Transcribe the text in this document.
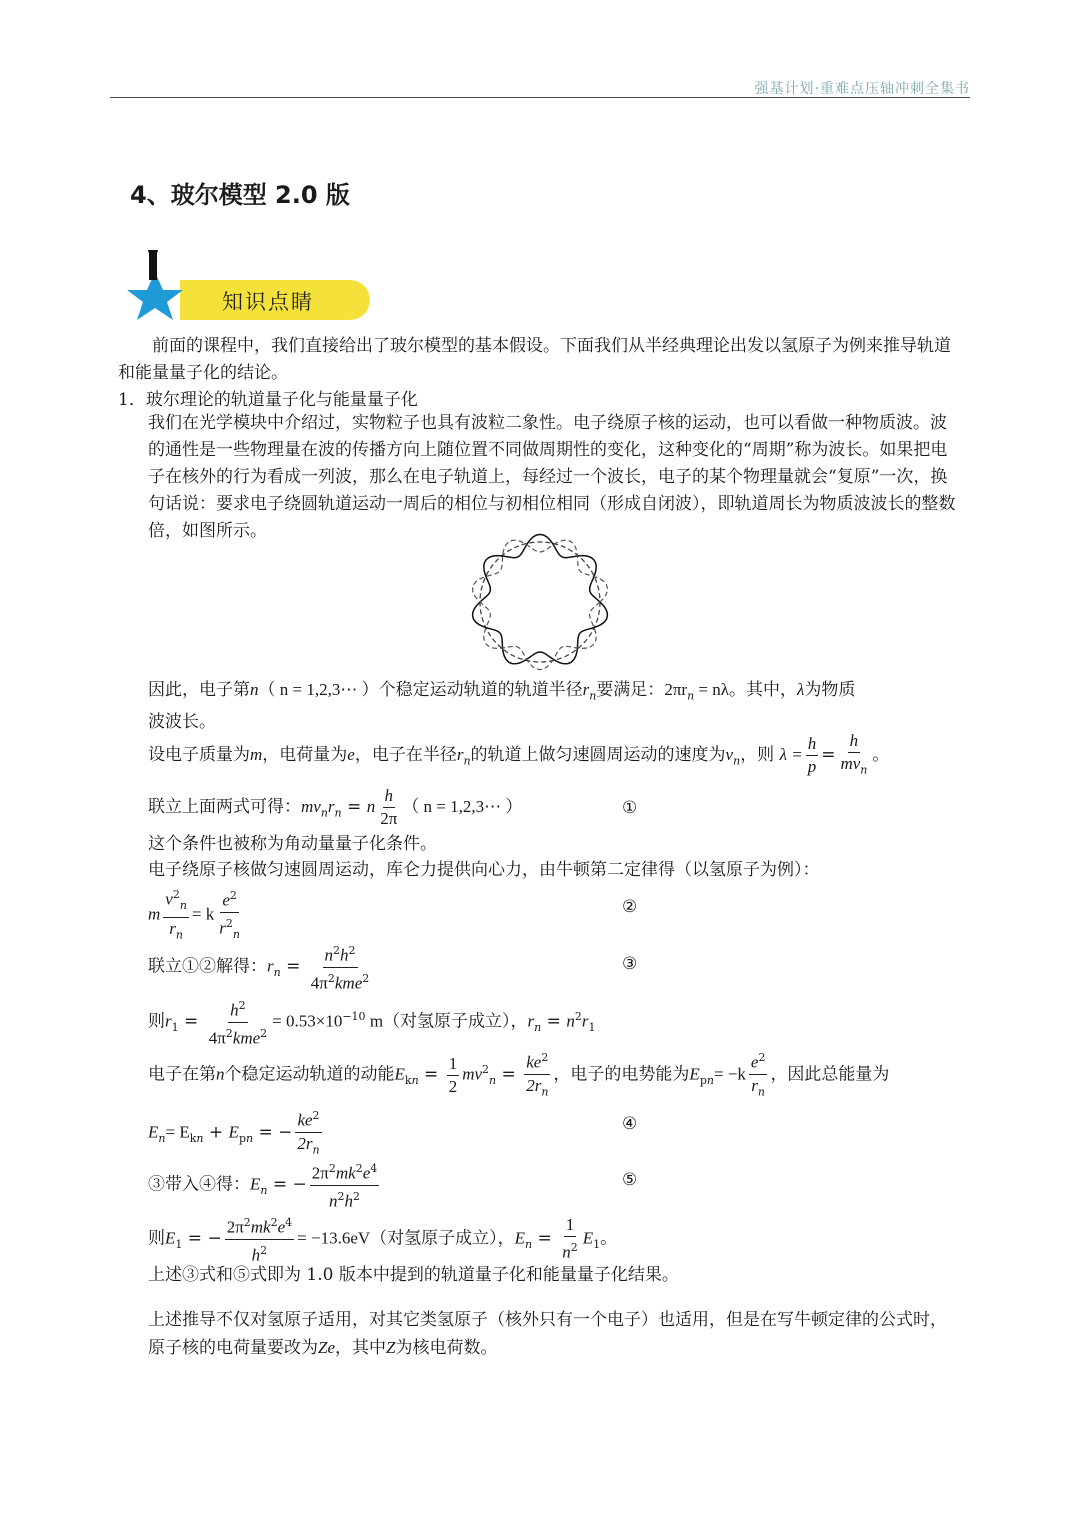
强基计划·重难点压轴冲刺全集书
4、玻尔模型 2.0 版
知识点睛
前面的课程中，我们直接给出了玻尔模型的基本假设。下面我们从半经典理论出发以氢原子为例来推导轨道和能量量子化的结论。
1．玻尔理论的轨道量子化与能量量子化
我们在光学模块中介绍过，实物粒子也具有波粒二象性。电子绕原子核的运动，也可以看做一种物质波。波的通性是一些物理量在波的传播方向上随位置不同做周期性的变化，这种变化的“周期”称为波长。如果把电子在核外的行为看成一列波，那么在电子轨道上，每经过一个波长，电子的某个物理量就会“复原”一次，换句话说：要求电子绕圆轨道运动一周后的相位与初相位相同（形成自闭波），即轨道周长为物质波波长的整数倍，如图所示。
因此，电子第n（ n = 1,2,3⋯ ）个稳定运动轨道的轨道半径$r_n$要满足：$2\pi r_n = n\lambda$。其中，λ为物质
波波长。
设电子质量为m，电荷量为e，电子在半径$r_n$的轨道上做匀速圆周运动的速度为$v_n$，则 $\lambda = \frac{h}{p} = \frac{h}{mv_n}$ 。
联立上面两式可得：$mv_nr_n = n \frac{h}{2\pi}$ （ n = 1,2,3⋯ ）	①
这个条件也被称为角动量量子化条件。
电子绕原子核做匀速圆周运动，库仑力提供向心力，由牛顿第二定律得（以氢原子为例）：
m $\frac{v^2_n}{r_n} = k \frac{e^2}{r^2_n}$	②
联立①②解得：$r_n = \frac{n^2h^2}{4\pi^2kme^2}$	③
则$r_1 = \frac{h^2}{4\pi^2kme^2} = 0.53\times 10^{-10}$ m（对氢原子成立），$r_n = n^2r_1$
电子在第n个稳定运动轨道的动能$E_{kn} = \frac{1}{2} mv^2_n = \frac{ke^2}{2r_n}$ ，电子的电势能为$E_{pn}= -k \frac{e^2}{r_n}$ ，因此总能量为
$E_n= E_{kn} + E_{pn}$ = − $\frac{ke^2}{2r_n}$	④
③带入④得：$E_n$ = − $\frac{2\pi^2mk^2e^4}{n^2h^2}$	⑤
则$E_1$ = − $\frac{2\pi^2mk^2e^4}{h^2} = -13.6eV$（对氢原子成立），$E_n = \frac{1}{n^2} E_1$。
上述③式和⑤式即为 1.0 版本中提到的轨道量子化和能量量子化结果。
上述推导不仅对氢原子适用，对其它类氢原子（核外只有一个电子）也适用，但是在写牛顿定律的公式时，原子核的电荷量要改为Ze，其中Z为核电荷数。
